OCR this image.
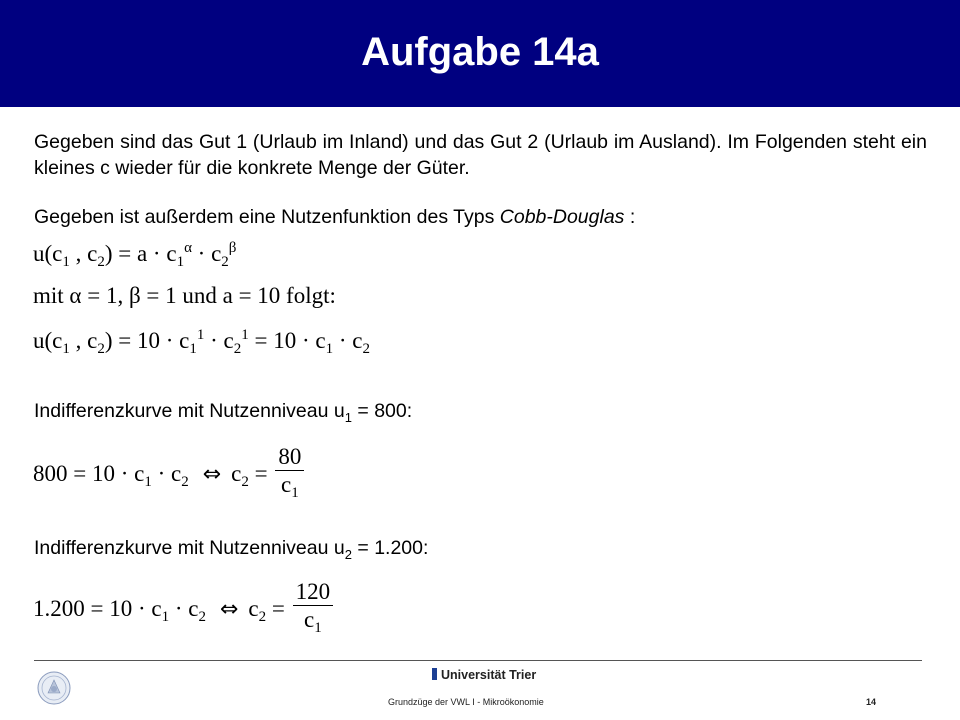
Aufgabe 14a
Gegeben sind das Gut 1 (Urlaub im Inland) und das Gut 2 (Urlaub im Ausland). Im Folgenden steht ein kleines c wieder für die konkrete Menge der Güter.
Gegeben ist außerdem eine Nutzenfunktion des Typs Cobb-Douglas :
$u(c_1$ , $c_2) = a \cdot c_1^\alpha \cdot c_2^\beta$
mit α = 1, β = 1 und a = 10 folgt:
$u(c_1$ , $c_2) = 10 \cdot c_1^1 \cdot c_2^1 = 10 \cdot c_1 \cdot c_2$
Indifferenzkurve mit Nutzenniveau $u_1 = 800$:
$800 = 10 \cdot c_1 \cdot c_2$ ⇔ $c_2 = \frac{80}{c_1}$
Indifferenzkurve mit Nutzenniveau $u_2 = 1.200$:
$1.200 = 10 \cdot c_1 \cdot c_2$ ⇔ $c_2 = \frac{120}{c_1}$
Universität Trier
Grundzüge der VWL I - Mikroökonomie	14
